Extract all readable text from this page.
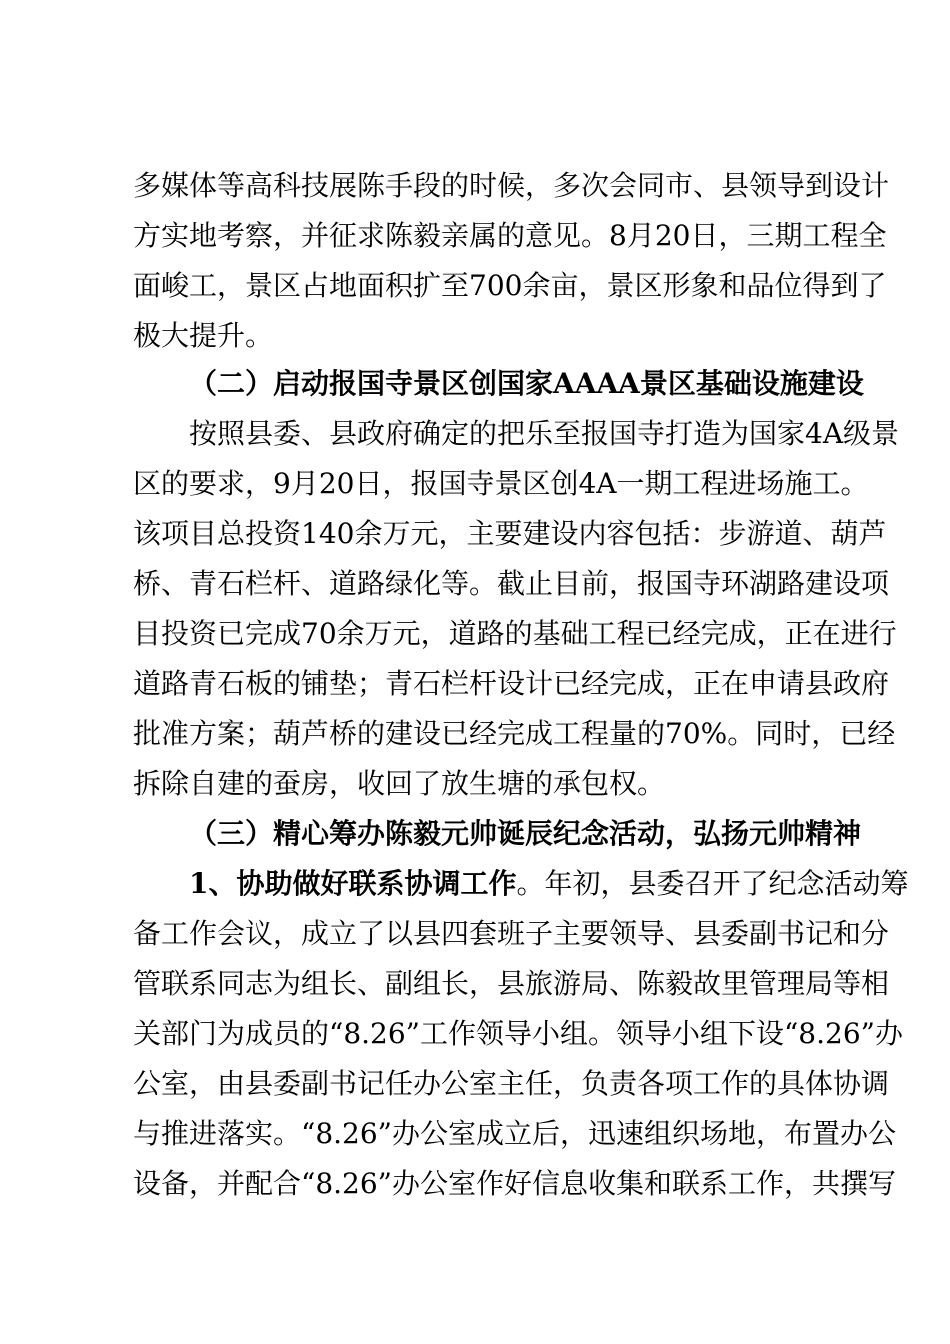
多媒体等高科技展陈手段的时候，多次会同市、县领导到设计
方实地考察，并征求陈毅亲属的意见。8月20日，三期工程全
面峻工，景区占地面积扩至700余亩，景区形象和品位得到了
极大提升。
（二）启动报国寺景区创国家AAAA景区基础设施建设
按照县委、县政府确定的把乐至报国寺打造为国家4A级景
区的要求，9月20日，报国寺景区创4A一期工程进场施工。
该项目总投资140余万元，主要建设内容包括：步游道、葫芦
桥、青石栏杆、道路绿化等。截止目前，报国寺环湖路建设项
目投资已完成70余万元，道路的基础工程已经完成，正在进行
道路青石板的铺垫；青石栏杆设计已经完成，正在申请县政府
批准方案；葫芦桥的建设已经完成工程量的70%。同时，已经
拆除自建的蚕房，收回了放生塘的承包权。
（三）精心筹办陈毅元帅诞辰纪念活动，弘扬元帅精神
1、协助做好联系协调工作。年初，县委召开了纪念活动筹
备工作会议，成立了以县四套班子主要领导、县委副书记和分
管联系同志为组长、副组长，县旅游局、陈毅故里管理局等相
关部门为成员的“8.26”工作领导小组。领导小组下设“8.26”办
公室，由县委副书记任办公室主任，负责各项工作的具体协调
与推进落实。“8.26”办公室成立后，迅速组织场地，布置办公
设备，并配合“8.26”办公室作好信息收集和联系工作，共撰写
